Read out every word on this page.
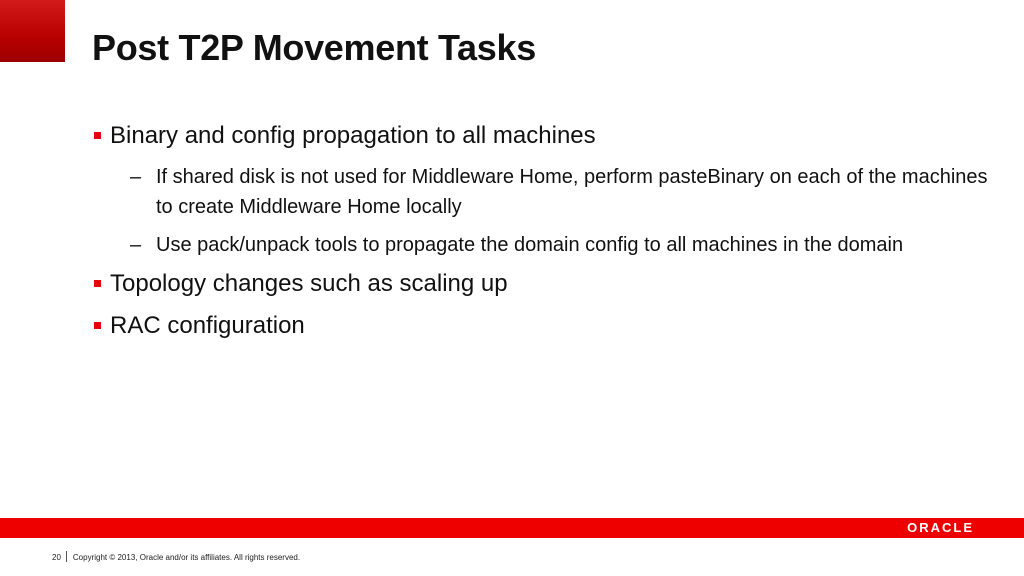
Post T2P Movement Tasks
Binary and config propagation to all machines
– If shared disk is not used for Middleware Home, perform pasteBinary on each of the machines to create Middleware Home locally
– Use pack/unpack tools to propagate the domain config to all machines in the domain
Topology changes such as scaling up
RAC configuration
ORACLE
20 Copyright © 2013, Oracle and/or its affiliates. All rights reserved.
